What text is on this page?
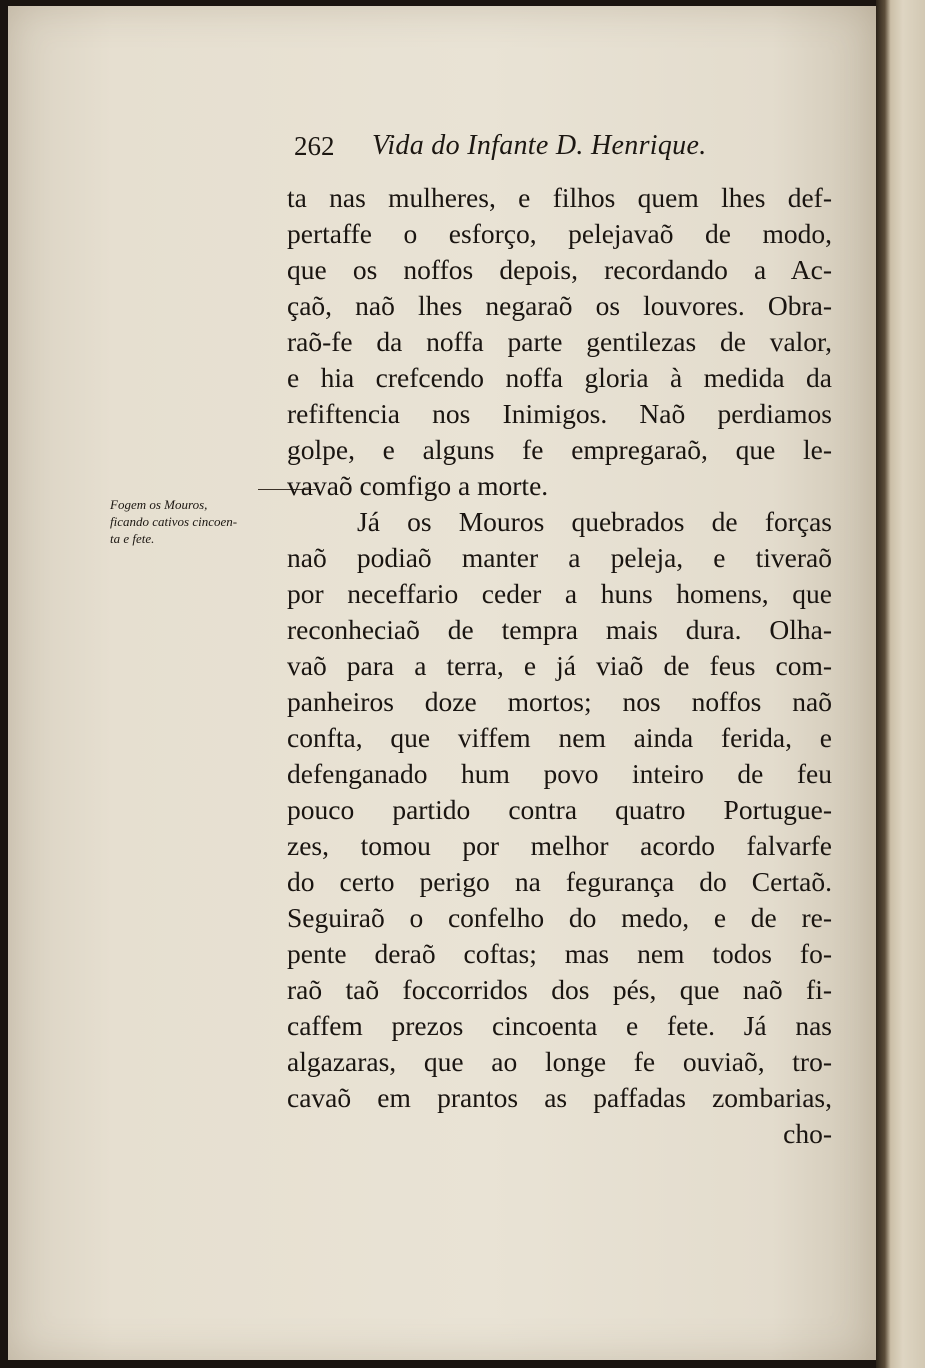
262 Vida do Infante D. Henrique.
Fogem os Mouros,
ficando cativos cincoen-
ta e fete.
ta nas mulheres, e filhos quem lhes def-
pertaffe o esforço, pelejavaõ de modo,
que os noffos depois, recordando a Ac-
çaõ, naõ lhes negaraõ os louvores. Obra-
raõ-fe da noffa parte gentilezas de valor,
e hia crefcendo noffa gloria à medida da
refiftencia nos Inimigos. Naõ perdiamos
golpe, e alguns fe empregaraõ, que le-
vavaõ comfigo a morte.
Já os Mouros quebrados de forças
naõ podiaõ manter a peleja, e tiveraõ
por neceffario ceder a huns homens, que
reconheciaõ de tempra mais dura. Olha-
vaõ para a terra, e já viaõ de feus com-
panheiros doze mortos; nos noffos naõ
confta, que viffem nem ainda ferida, e
defenganado hum povo inteiro de feu
pouco partido contra quatro Portugue-
zes, tomou por melhor acordo falvarfe
do certo perigo na fegurança do Certaõ.
Seguiraõ o confelho do medo, e de re-
pente deraõ coftas; mas nem todos fo-
raõ taõ foccorridos dos pés, que naõ fi-
caffem prezos cincoenta e fete. Já nas
algazaras, que ao longe fe ouviaõ, tro-
cavaõ em prantos as paffadas zombarias,
cho-
